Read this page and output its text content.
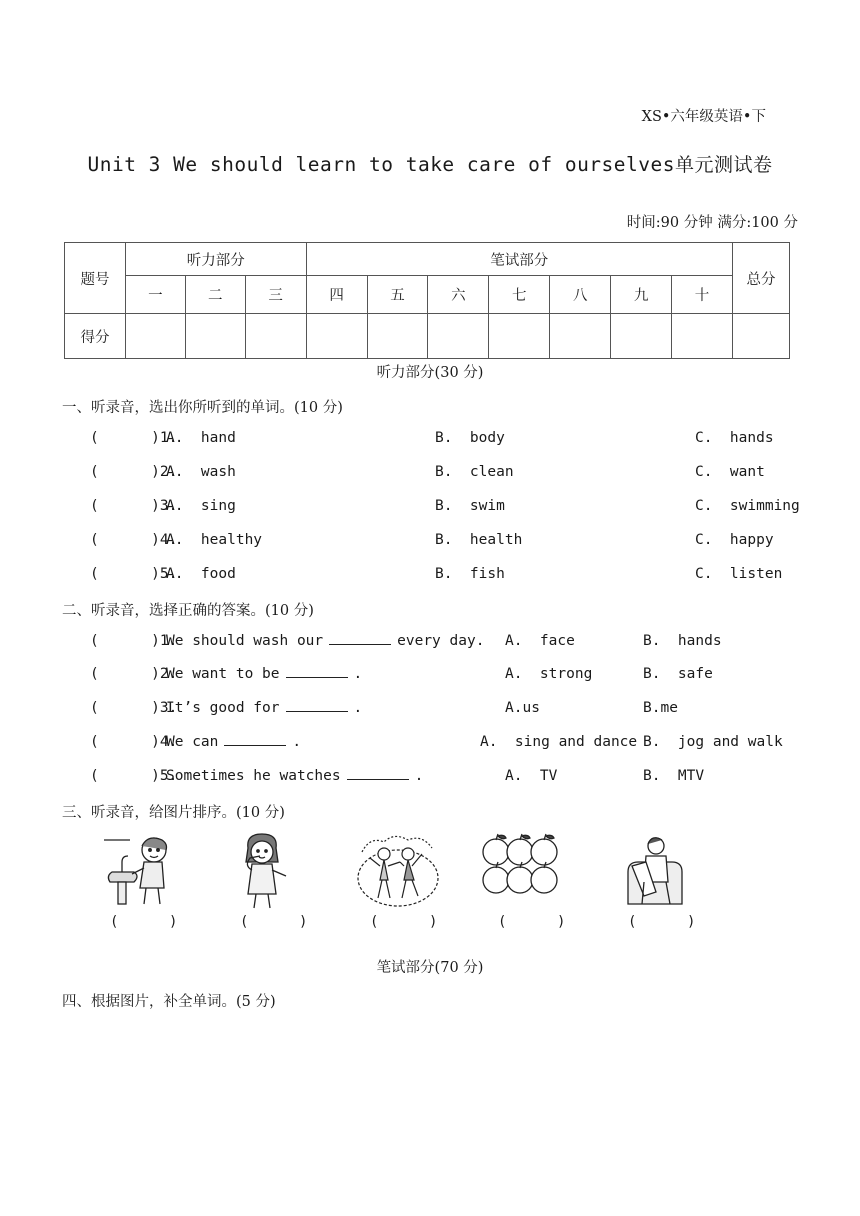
XS•六年级英语•下
Unit 3 We should learn to take care of ourselves单元测试卷
时间:90 分钟 满分:100 分
题号	听力部分			笔试部分							总分
	一	二	三	四	五	六	七	八	九	十	
得分											
听力部分(30 分)
一、听录音，选出你所听到的单词。(10 分)
(      )1.
A.  hand	B.  body	C.  hands
(      )2.
A.  wash	B.  clean	C.  want
(      )3.
A.  sing	B.  swim	C.  swimming
(      )4.
A.  healthy	B.  health	C.  happy
(      )5.
A.  food	B.  fish	C.  listen
二、听录音，选择正确的答案。(10 分)
(      )1.
We should wash our	every day. A.  face	B.  hands
(      )2.
We want to be	.	A.  strong	B.  safe
(      )3.
It’s good for	.	A.us	B.me
(      )4.
We can	.	A.  sing and dance B.  jog and walk
(      )5.
Sometimes he watches	.	A.  TV	B.  MTV
三、听录音，给图片排序。(10 分)
(      )	(      )	(      )	(      )	(      )
笔试部分(70 分)
四、根据图片，补全单词。(5 分)
